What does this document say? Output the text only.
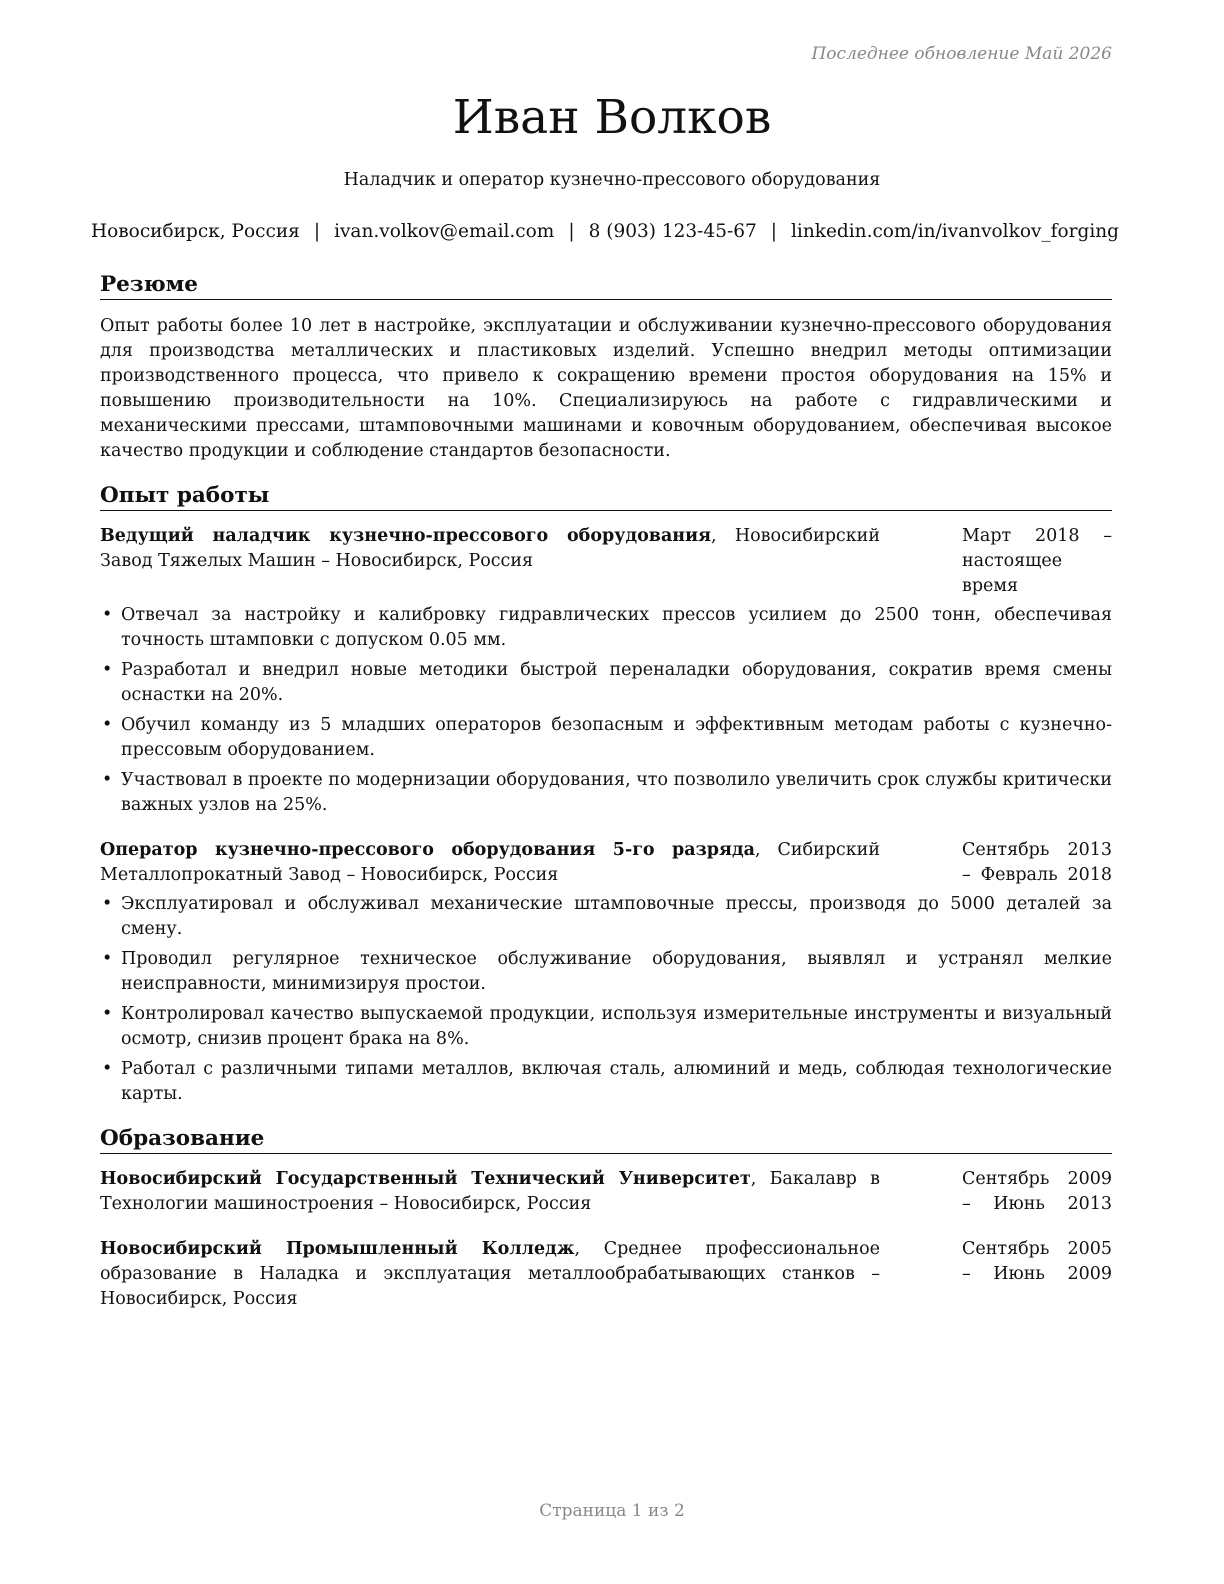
Последнее обновление Май 2026
Иван Волков
Наладчик и оператор кузнечно-прессового оборудования
Новосибирск, Россия | ivan.volkov@email.com | 8 (903) 123-45-67 | linkedin.com/in/ivanvolkov_forging
Резюме

Опыт работы более 10 лет в настройке, эксплуатации и обслуживании кузнечно-прессового оборудования для производства металлических и пластиковых изделий. Успешно внедрил методы оптимизации производственного процесса, что привело к сокращению времени простоя оборудования на 15% и повышению производительности на 10%. Специализируюсь на работе с гидравлическими и механическими прессами, штамповочными машинами и ковочным оборудованием, обеспечивая высокое качество продукции и соблюдение стандартов безопасности.

Опыт работы
Ведущий наладчик кузнечно-прессового оборудования, Новосибирский Завод Тяжелых Машин – Новосибирск, Россия
Март 2018 – настоящее время
• Отвечал за настройку и калибровку гидравлических прессов усилием до 2500 тонн, обеспечивая точность штамповки с допуском 0.05 мм.
• Разработал и внедрил новые методики быстрой переналадки оборудования, сократив время смены оснастки на 20%.
• Обучил команду из 5 младших операторов безопасным и эффективным методам работы с кузнечно-прессовым оборудованием.
• Участвовал в проекте по модернизации оборудования, что позволило увеличить срок службы критически важных узлов на 25%.
Оператор кузнечно-прессового оборудования 5-го разряда, Сибирский Металлопрокатный Завод – Новосибирск, Россия
Сентябрь 2013 – Февраль 2018
• Эксплуатировал и обслуживал механические штамповочные прессы, производя до 5000 деталей за смену.
• Проводил регулярное техническое обслуживание оборудования, выявлял и устранял мелкие неисправности, минимизируя простои.
• Контролировал качество выпускаемой продукции, используя измерительные инструменты и визуальный осмотр, снизив процент брака на 8%.
• Работал с различными типами металлов, включая сталь, алюминий и медь, соблюдая технологические карты.
Образование
Новосибирский Государственный Технический Университет, Бакалавр в Технологии машиностроения – Новосибирск, Россия
Сентябрь 2009 – Июнь 2013
Новосибирский Промышленный Колледж, Среднее профессиональное образование в Наладка и эксплуатация металлообрабатывающих станков – Новосибирск, Россия
Сентябрь 2005 – Июнь 2009
Страница 1 из 2
